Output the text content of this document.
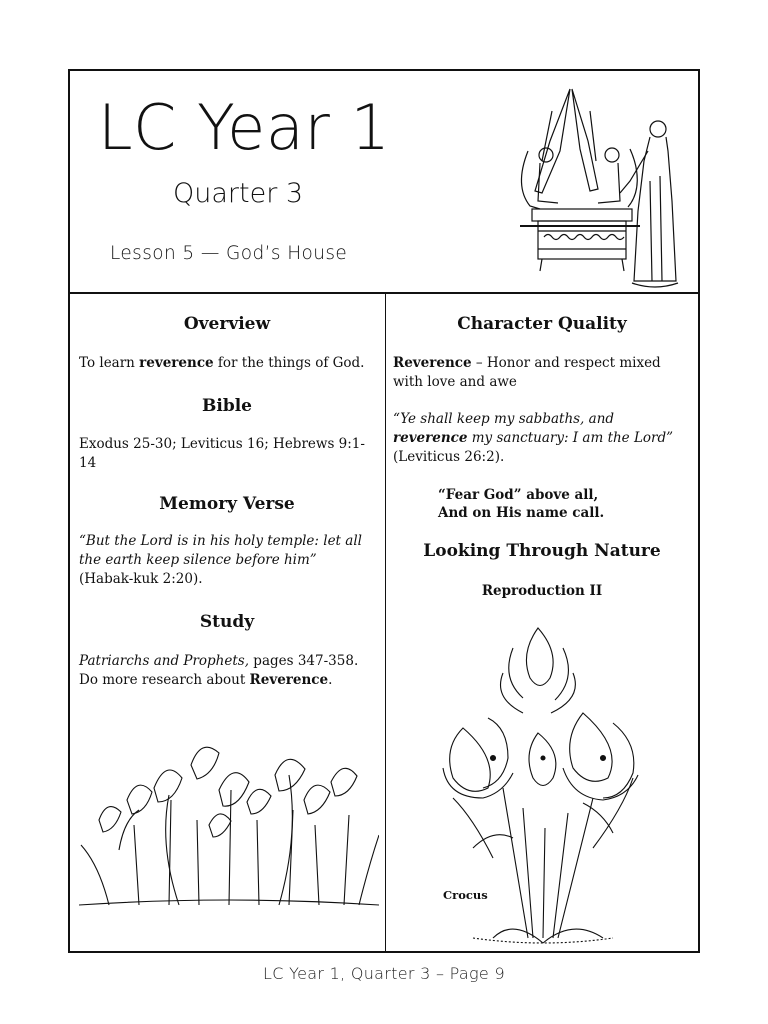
LC Year 1
Quarter 3
Lesson 5 — God’s House
Overview
To learn reverence for the things of God.
Bible
Exodus 25-30; Leviticus 16; Hebrews 9:1-14
Memory Verse
“But the Lord is in his holy temple: let all the earth keep silence before him” (Habak-kuk 2:20).
Study
Patriarchs and Prophets, pages 347-358.
Do more research about Reverence.
Character Quality
Reverence – Honor and respect mixed with love and awe
“Ye shall keep my sabbaths, and reverence my sanctuary: I am the Lord” (Leviticus 26:2).
“Fear God” above all,
And on His name call.
Looking Through Nature
Reproduction II
Crocus
LC Year 1, Quarter 3 – Page 9
